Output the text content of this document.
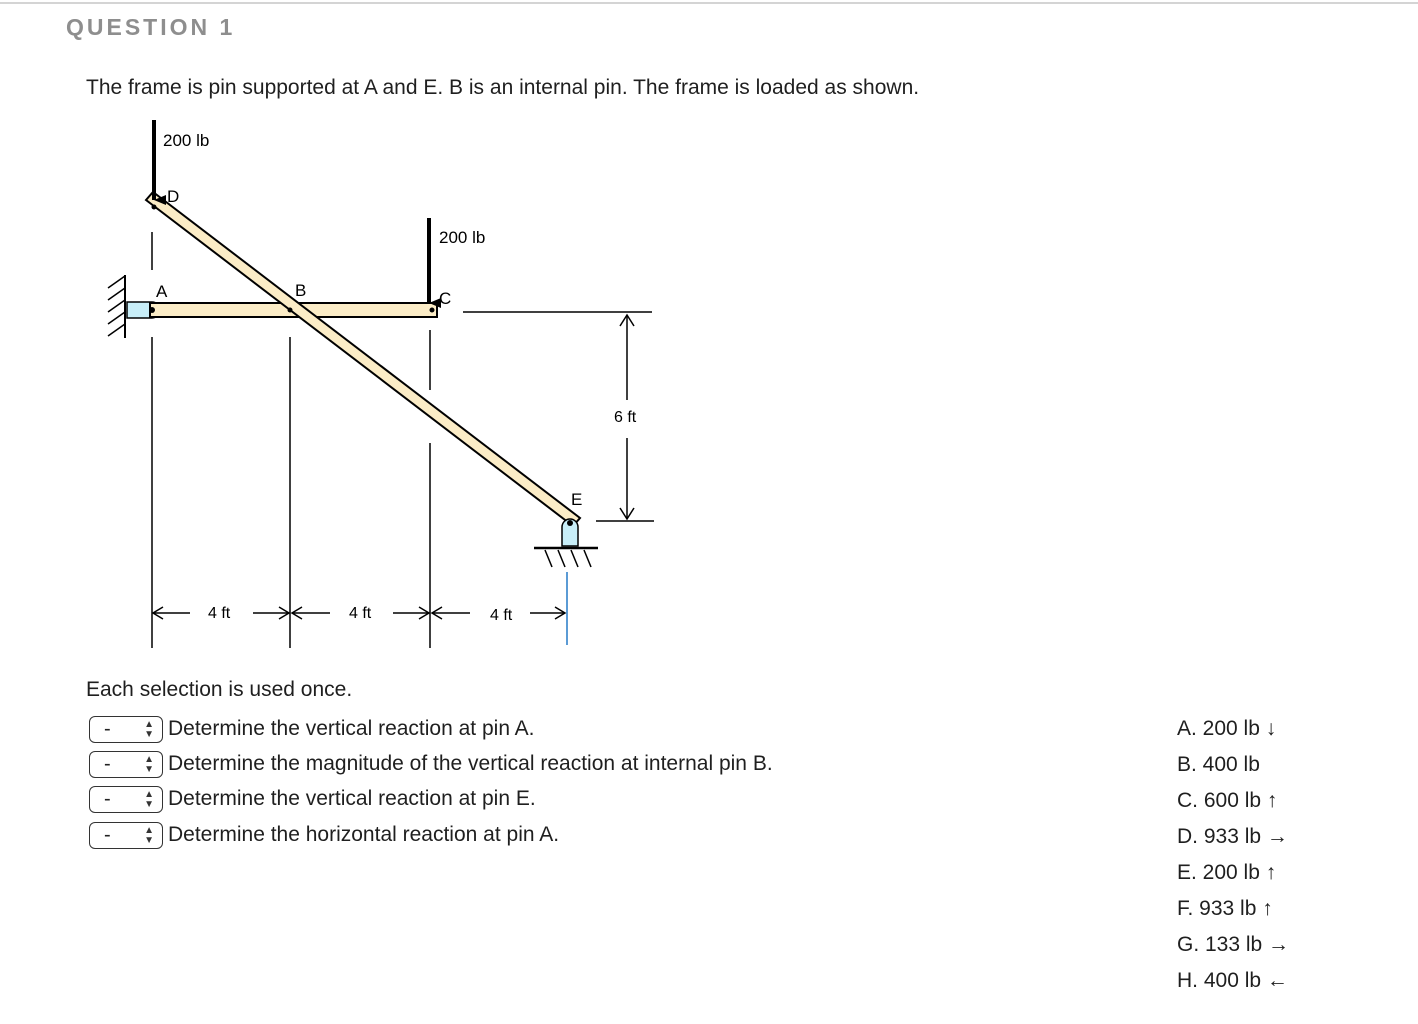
QUESTION 1
The frame is pin supported at A and E. B is an internal pin. The frame is loaded as shown.
200 lb
200 lb
D
A	B	C
E
6 ft
4 ft	4 ft	4 ft
Each selection is used once.
-	▲
▼ Determine the vertical reaction at pin A.
-	▲
▼ Determine the magnitude of the vertical reaction at internal pin B.
-	▲
▼ Determine the vertical reaction at pin E.
-	▲
▼ Determine the horizontal reaction at pin A.
A. 200 lb ↓
B. 400 lb
C. 600 lb ↑
D. 933 lb →
E. 200 lb ↑
F. 933 lb ↑
G. 133 lb →
H. 400 lb ←
